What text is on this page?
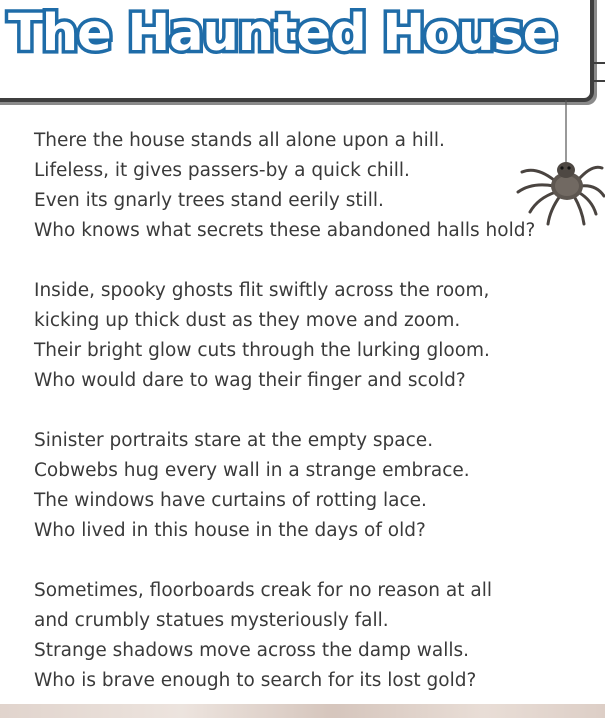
The Haunted House
There the house stands all alone upon a hill.
Lifeless, it gives passers-by a quick chill.
Even its gnarly trees stand eerily still.
Who knows what secrets these abandoned halls hold?
Inside, spooky ghosts flit swiftly across the room,
kicking up thick dust as they move and zoom.
Their bright glow cuts through the lurking gloom.
Who would dare to wag their finger and scold?
Sinister portraits stare at the empty space.
Cobwebs hug every wall in a strange embrace.
The windows have curtains of rotting lace.
Who lived in this house in the days of old?
Sometimes, floorboards creak for no reason at all
and crumbly statues mysteriously fall.
Strange shadows move across the damp walls.
Who is brave enough to search for its lost gold?
